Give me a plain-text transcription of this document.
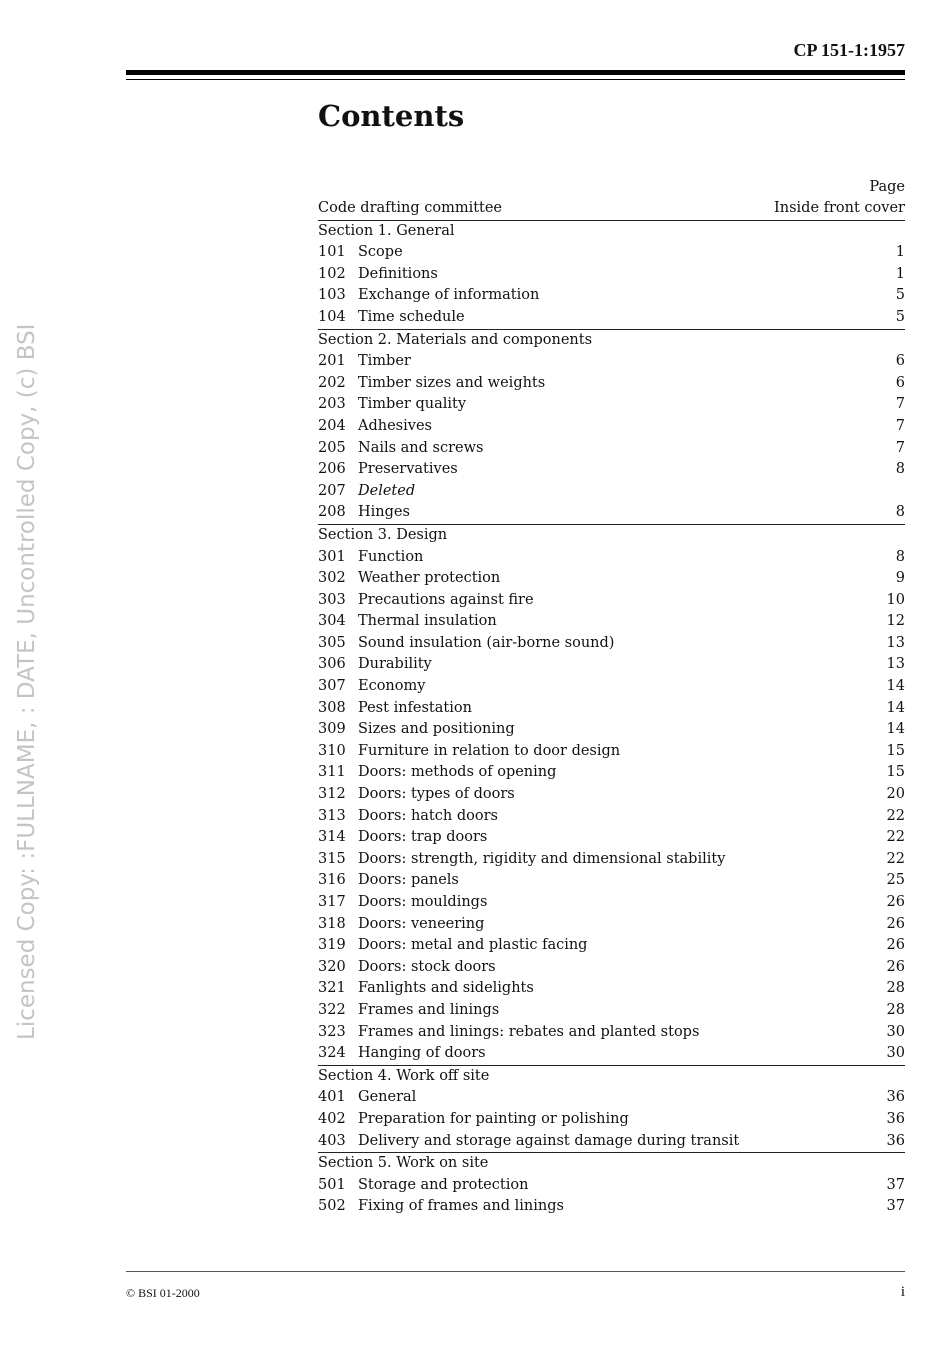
CP 151-1:1957
Contents
Page
Code drafting committee	Inside front cover
Section 1. General
101 Scope	1
102 Definitions	1
103 Exchange of information	5
104 Time schedule	5
Section 2. Materials and components
201 Timber	6
202 Timber sizes and weights	6
203 Timber quality	7
204 Adhesives	7
205 Nails and screws	7
206 Preservatives	8
207 Deleted
208 Hinges	8
Section 3. Design
301 Function	8
302 Weather protection	9
303 Precautions against fire	10
304 Thermal insulation	12
305 Sound insulation (air-borne sound)	13
306 Durability	13
307 Economy	14
308 Pest infestation	14
309 Sizes and positioning	14
310 Furniture in relation to door design	15
311 Doors: methods of opening	15
312 Doors: types of doors	20
313 Doors: hatch doors	22
314 Doors: trap doors	22
315 Doors: strength, rigidity and dimensional stability	22
316 Doors: panels	25
317 Doors: mouldings	26
318 Doors: veneering	26
319 Doors: metal and plastic facing	26
320 Doors: stock doors	26
321 Fanlights and sidelights	28
322 Frames and linings	28
323 Frames and linings: rebates and planted stops	30
324 Hanging of doors	30
Section 4. Work off site
401 General	36
402 Preparation for painting or polishing	36
403 Delivery and storage against damage during transit	36
Section 5. Work on site
501 Storage and protection	37
502 Fixing of frames and linings	37
© BSI 01-2000	i
Licensed Copy: :FULLNAME, : DATE, Uncontrolled Copy, (c) BSI
